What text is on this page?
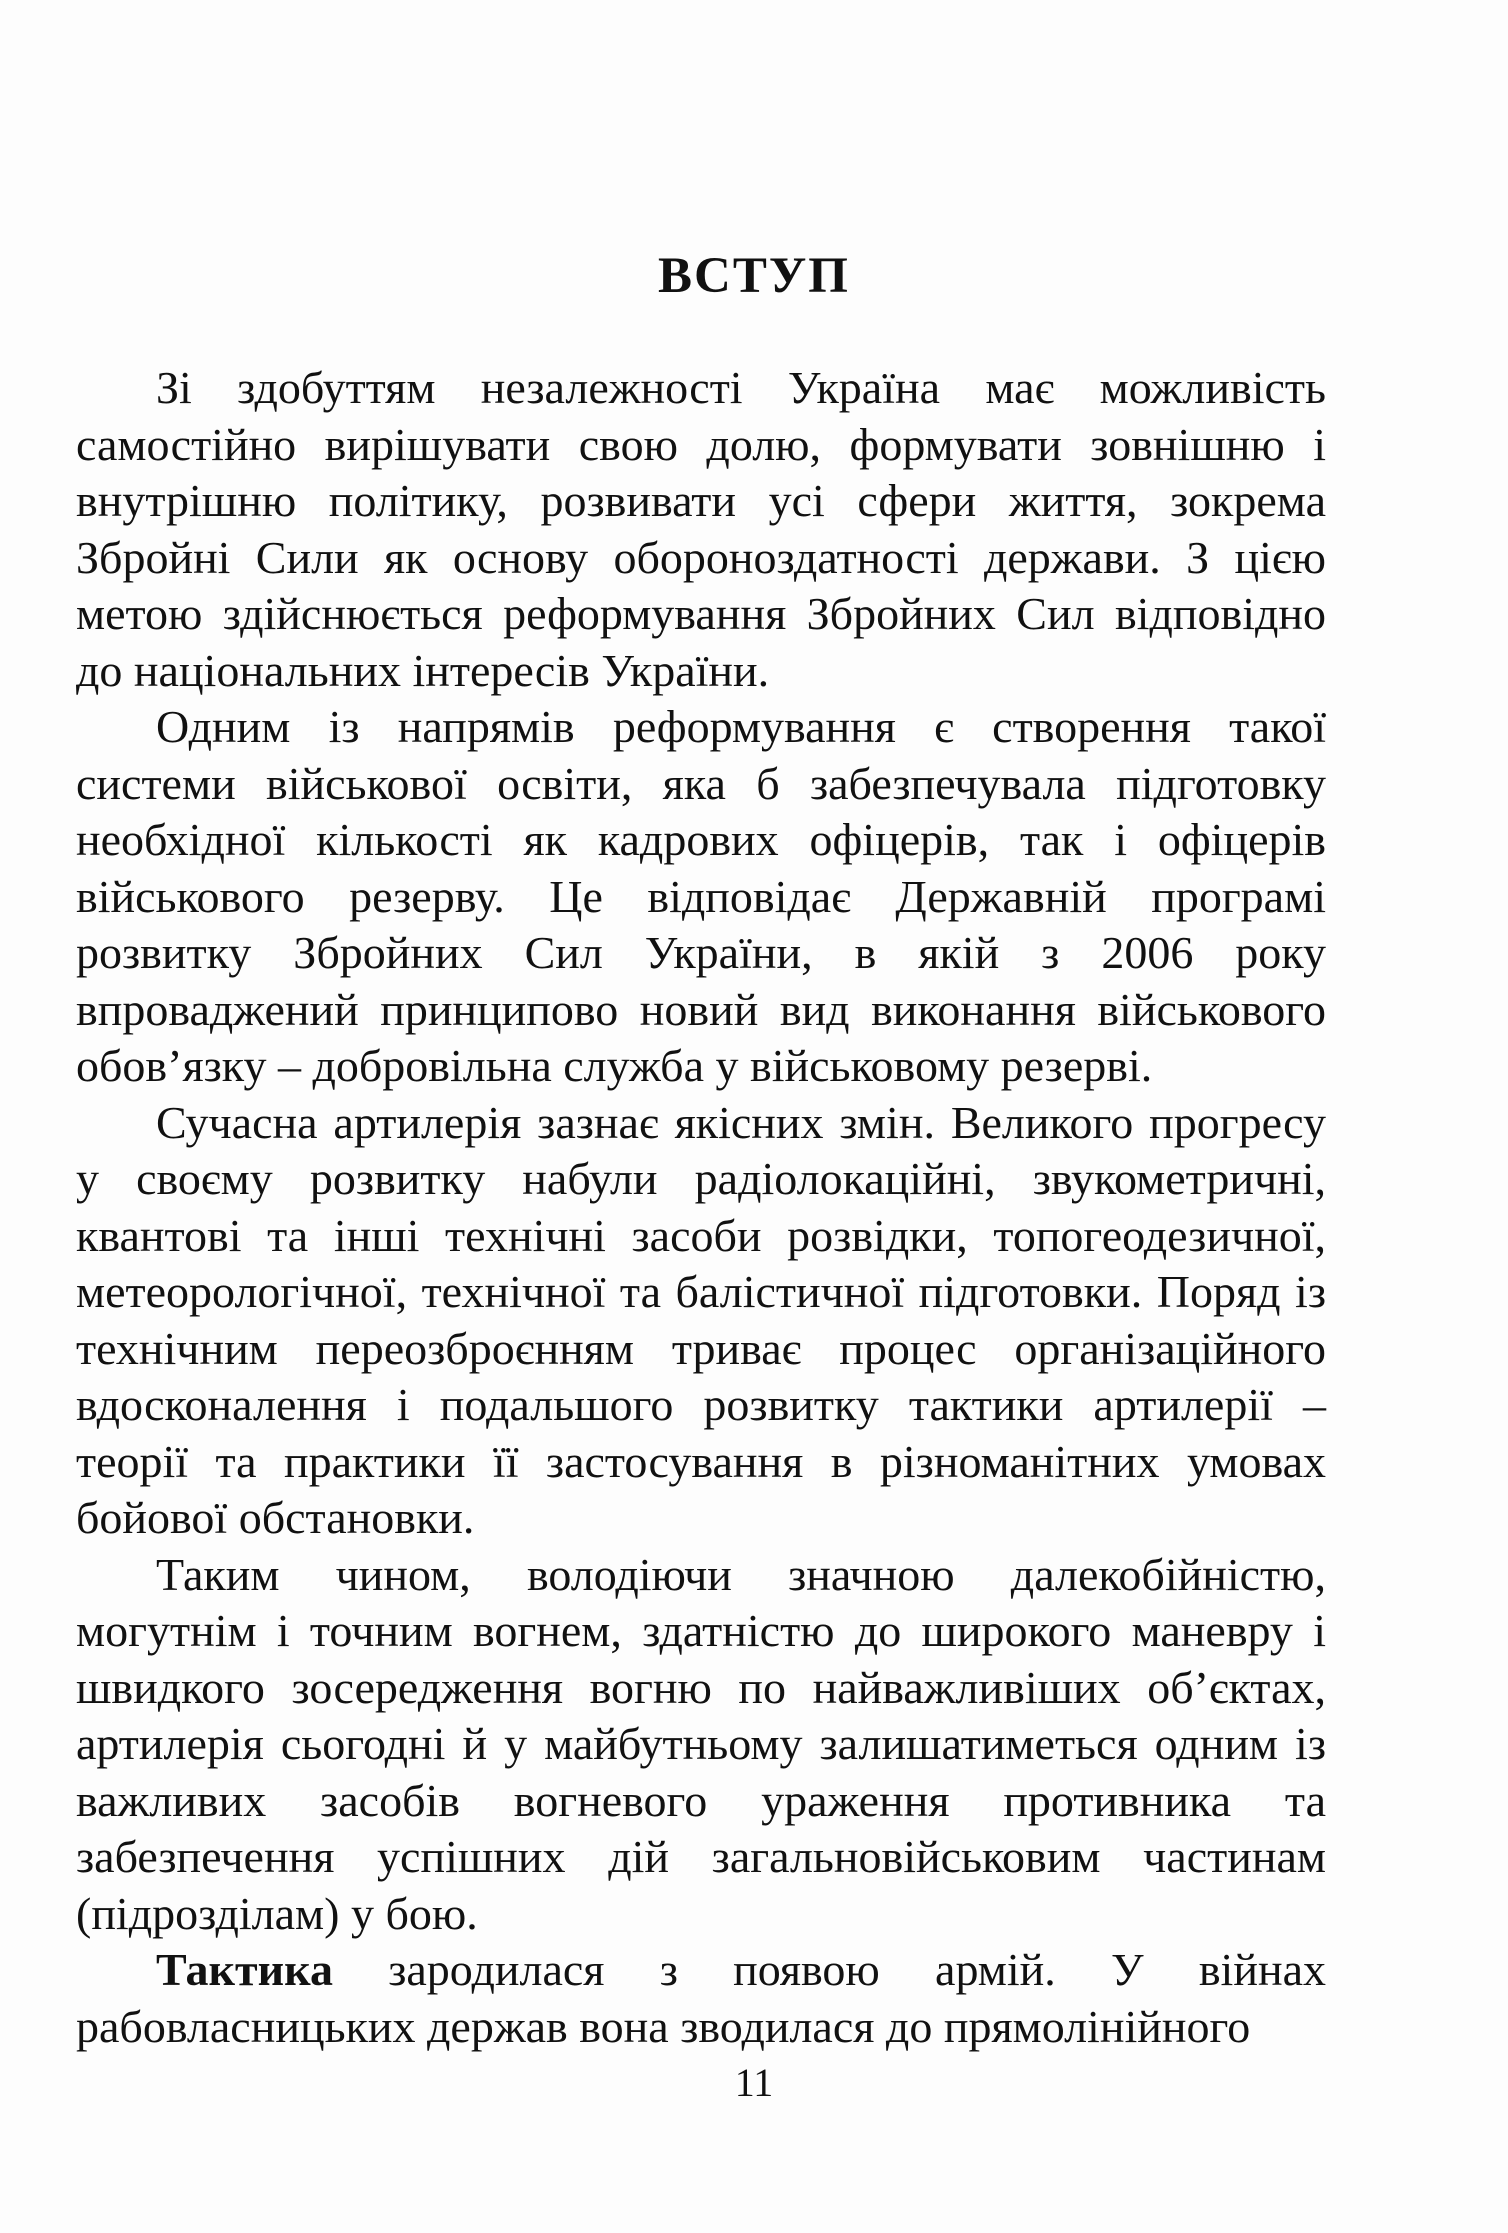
ВСТУП

Зі здобуттям незалежності Україна має можливість самостійно вирішувати свою долю, формувати зовнішню і внутрішню політику, розвивати усі сфери життя, зокрема Збройні Сили як основу обороноздатності держави. З цією метою здійснюється реформування Збройних Сил відповідно до національних інтересів України.

Одним із напрямів реформування є створення такої системи військової освіти, яка б забезпечувала підготовку необхідної кількості як кадрових офіцерів, так і офіцерів військового резерву. Це відповідає Державній програмі розвитку Збройних Сил України, в якій з 2006 року впроваджений принципово новий вид виконання військового обов’язку – добровільна служба у військовому резерві.

Сучасна артилерія зазнає якісних змін. Великого прогресу у своєму розвитку набули радіолокаційні, звукометричні, квантові та інші технічні засоби розвідки, топогеодезичної, метеорологічної, технічної та балістичної підготовки. Поряд із технічним переозброєнням триває процес організаційного вдосконалення і подальшого розвитку тактики артилерії – теорії та практики її застосування в різноманітних умовах бойової обстановки.

Таким чином, володіючи значною далекобійністю, могутнім і точним вогнем, здатністю до широкого маневру і швидкого зосередження вогню по найважливіших об’єктах, артилерія сьогодні й у майбутньому залишатиметься одним із важливих засобів вогневого ураження противника та забезпечення успішних дій загальновійськовим частинам (підрозділам) у бою.

Тактика зародилася з появою армій. У війнах рабовласницьких держав вона зводилася до прямолінійного

11
